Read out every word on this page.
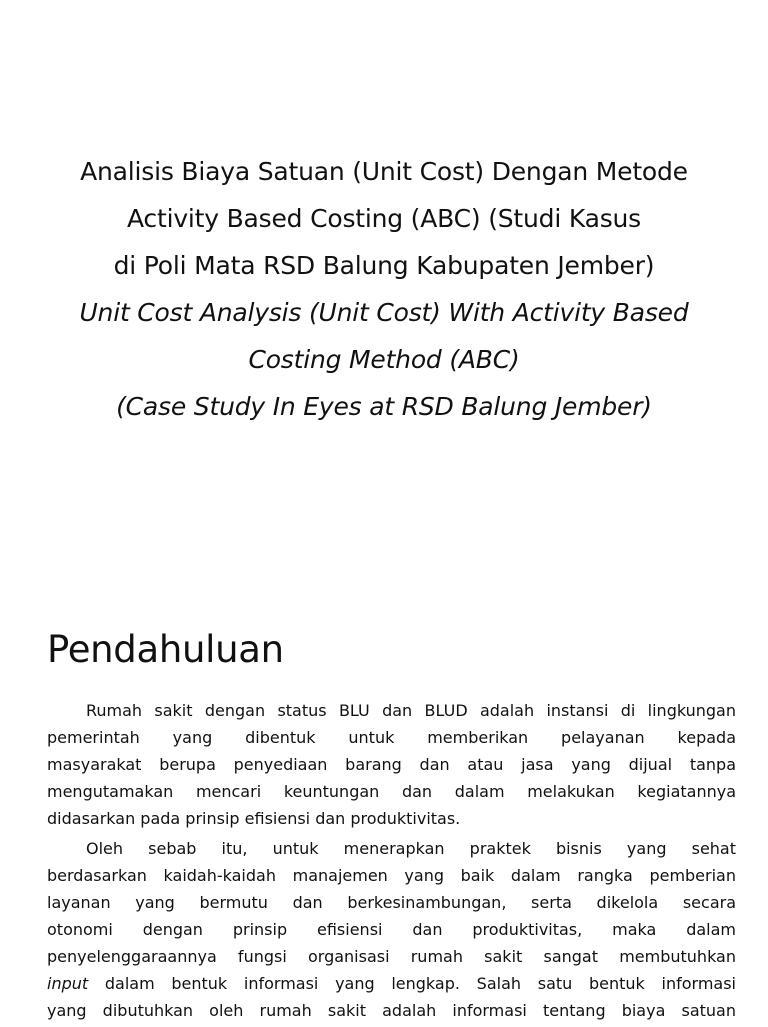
Analisis Biaya Satuan (Unit Cost) Dengan Metode
Activity Based Costing (ABC) (Studi Kasus
di Poli Mata RSD Balung Kabupaten Jember)
Unit Cost Analysis (Unit Cost) With Activity Based
Costing Method (ABC)
(Case Study In Eyes at RSD Balung Jember)
Pendahuluan
Rumah sakit dengan status BLU dan BLUD adalah instansi di lingkungan
pemerintah yang dibentuk untuk memberikan pelayanan kepada
masyarakat berupa penyediaan barang dan atau jasa yang dijual tanpa
mengutamakan mencari keuntungan dan dalam melakukan kegiatannya
didasarkan pada prinsip efisiensi dan produktivitas.
Oleh sebab itu, untuk menerapkan praktek bisnis yang sehat
berdasarkan kaidah-kaidah manajemen yang baik dalam rangka pemberian
layanan yang bermutu dan berkesinambungan, serta dikelola secara
otonomi dengan prinsip efisiensi dan produktivitas, maka dalam
penyelenggaraannya fungsi organisasi rumah sakit sangat membutuhkan
input dalam bentuk informasi yang lengkap. Salah satu bentuk informasi
yang dibutuhkan oleh rumah sakit adalah informasi tentang biaya satuan
